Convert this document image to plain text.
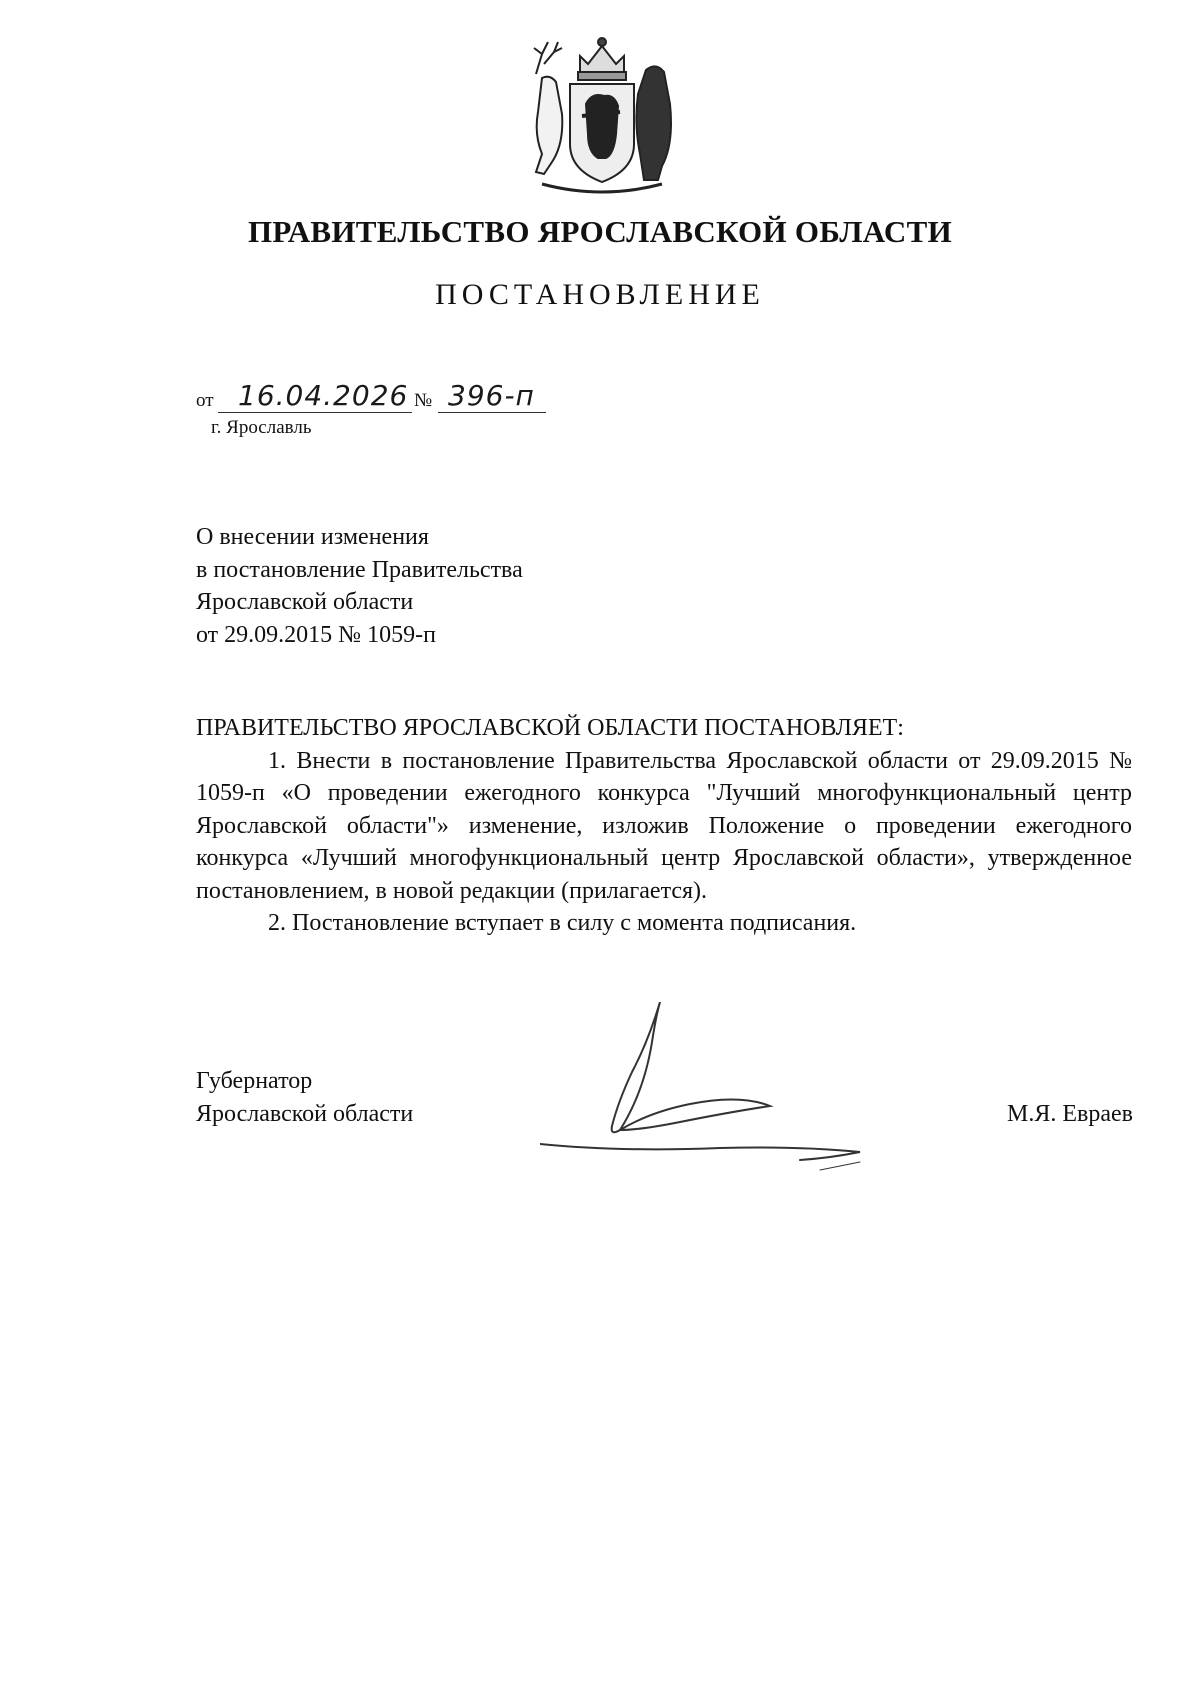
ПРАВИТЕЛЬСТВО ЯРОСЛАВСКОЙ ОБЛАСТИ
ПОСТАНОВЛЕНИЕ
от 16.04.2026 № 396-п
г. Ярославль
О внесении изменения
в постановление Правительства
Ярославской области
от 29.09.2015 № 1059-п
ПРАВИТЕЛЬСТВО ЯРОСЛАВСКОЙ ОБЛАСТИ ПОСТАНОВЛЯЕТ:

1. Внести в постановление Правительства Ярославской области от 29.09.2015 № 1059-п «О проведении ежегодного конкурса "Лучший многофункциональный центр Ярославской области"» изменение, изложив Положение о проведении ежегодного конкурса «Лучший многофункциональный центр Ярославской области», утвержденное постановлением, в новой редакции (прилагается).

2. Постановление вступает в силу с момента подписания.

Губернатор
Ярославской области	М.Я. Евраев
